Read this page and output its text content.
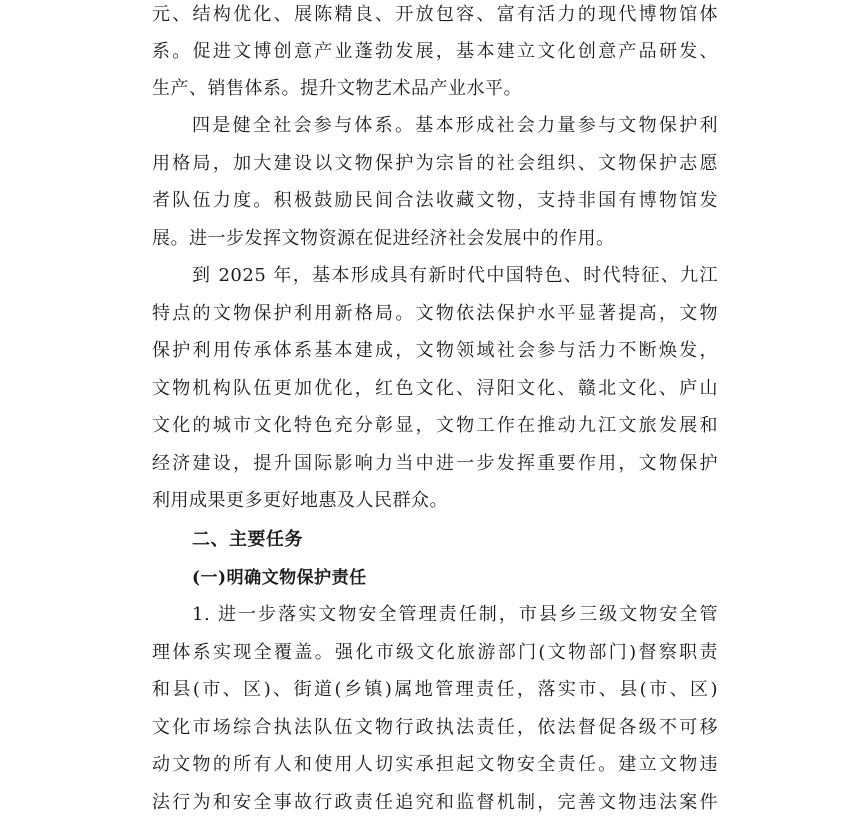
元、结构优化、展陈精良、开放包容、富有活力的现代博物馆体
系。促进文博创意产业蓬勃发展，基本建立文化创意产品研发、
生产、销售体系。提升文物艺术品产业水平。
四是健全社会参与体系。基本形成社会力量参与文物保护利
用格局，加大建设以文物保护为宗旨的社会组织、文物保护志愿
者队伍力度。积极鼓励民间合法收藏文物，支持非国有博物馆发
展。进一步发挥文物资源在促进经济社会发展中的作用。
到 2025 年，基本形成具有新时代中国特色、时代特征、九江
特点的文物保护利用新格局。文物依法保护水平显著提高，文物
保护利用传承体系基本建成，文物领域社会参与活力不断焕发，
文物机构队伍更加优化，红色文化、浔阳文化、赣北文化、庐山
文化的城市文化特色充分彰显，文物工作在推动九江文旅发展和
经济建设，提升国际影响力当中进一步发挥重要作用，文物保护
利用成果更多更好地惠及人民群众。
二、主要任务
(一)明确文物保护责任
1. 进一步落实文物安全管理责任制，市县乡三级文物安全管
理体系实现全覆盖。强化市级文化旅游部门(文物部门)督察职责
和县(市、区)、街道(乡镇)属地管理责任，落实市、县(市、区)
文化市场综合执法队伍文物行政执法责任，依法督促各级不可移
动文物的所有人和使用人切实承担起文物安全责任。建立文物违
法行为和安全事故行政责任追究和监督机制，完善文物违法案件
